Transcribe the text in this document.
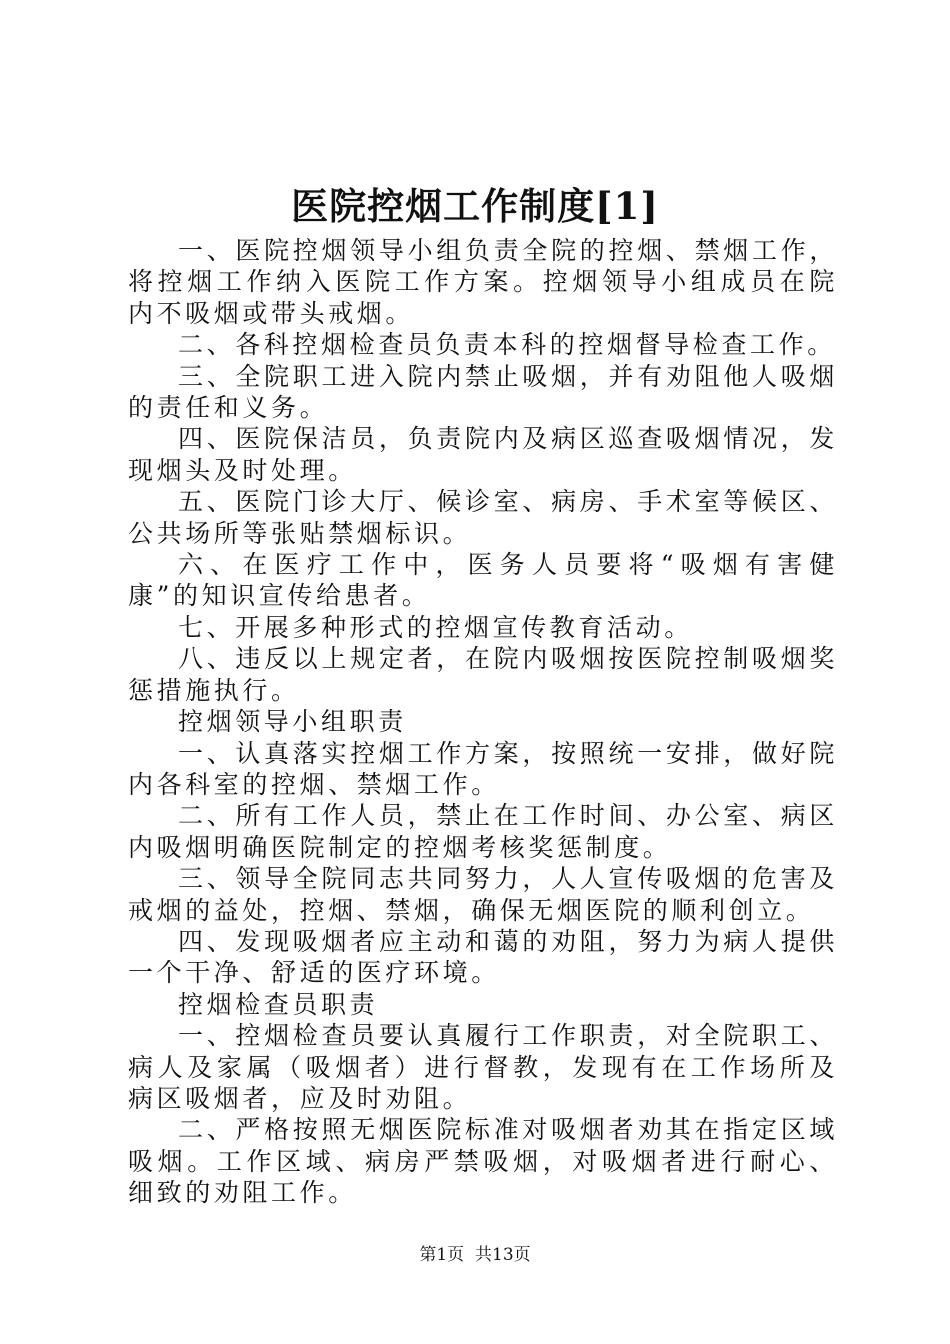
医院控烟工作制度[1]

一、医院控烟领导小组负责全院的控烟、禁烟工作，将控烟工作纳入医院工作方案。控烟领导小组成员在院内不吸烟或带头戒烟。

二、各科控烟检查员负责本科的控烟督导检查工作。

三、全院职工进入院内禁止吸烟，并有劝阻他人吸烟的责任和义务。

四、医院保洁员，负责院内及病区巡查吸烟情况，发现烟头及时处理。

五、医院门诊大厅、候诊室、病房、手术室等候区、公共场所等张贴禁烟标识。

六、在医疗工作中，医务人员要将“吸烟有害健康”的知识宣传给患者。

七、开展多种形式的控烟宣传教育活动。

八、违反以上规定者，在院内吸烟按医院控制吸烟奖惩措施执行。

控烟领导小组职责

一、认真落实控烟工作方案，按照统一安排，做好院内各科室的控烟、禁烟工作。

二、所有工作人员，禁止在工作时间、办公室、病区内吸烟明确医院制定的控烟考核奖惩制度。

三、领导全院同志共同努力，人人宣传吸烟的危害及戒烟的益处，控烟、禁烟，确保无烟医院的顺利创立。

四、发现吸烟者应主动和蔼的劝阻，努力为病人提供一个干净、舒适的医疗环境。

控烟检查员职责

一、控烟检查员要认真履行工作职责，对全院职工、病人及家属（吸烟者）进行督教，发现有在工作场所及病区吸烟者，应及时劝阻。

二、严格按照无烟医院标准对吸烟者劝其在指定区域吸烟。工作区域、病房严禁吸烟，对吸烟者进行耐心、细致的劝阻工作。

第1页 共13页
